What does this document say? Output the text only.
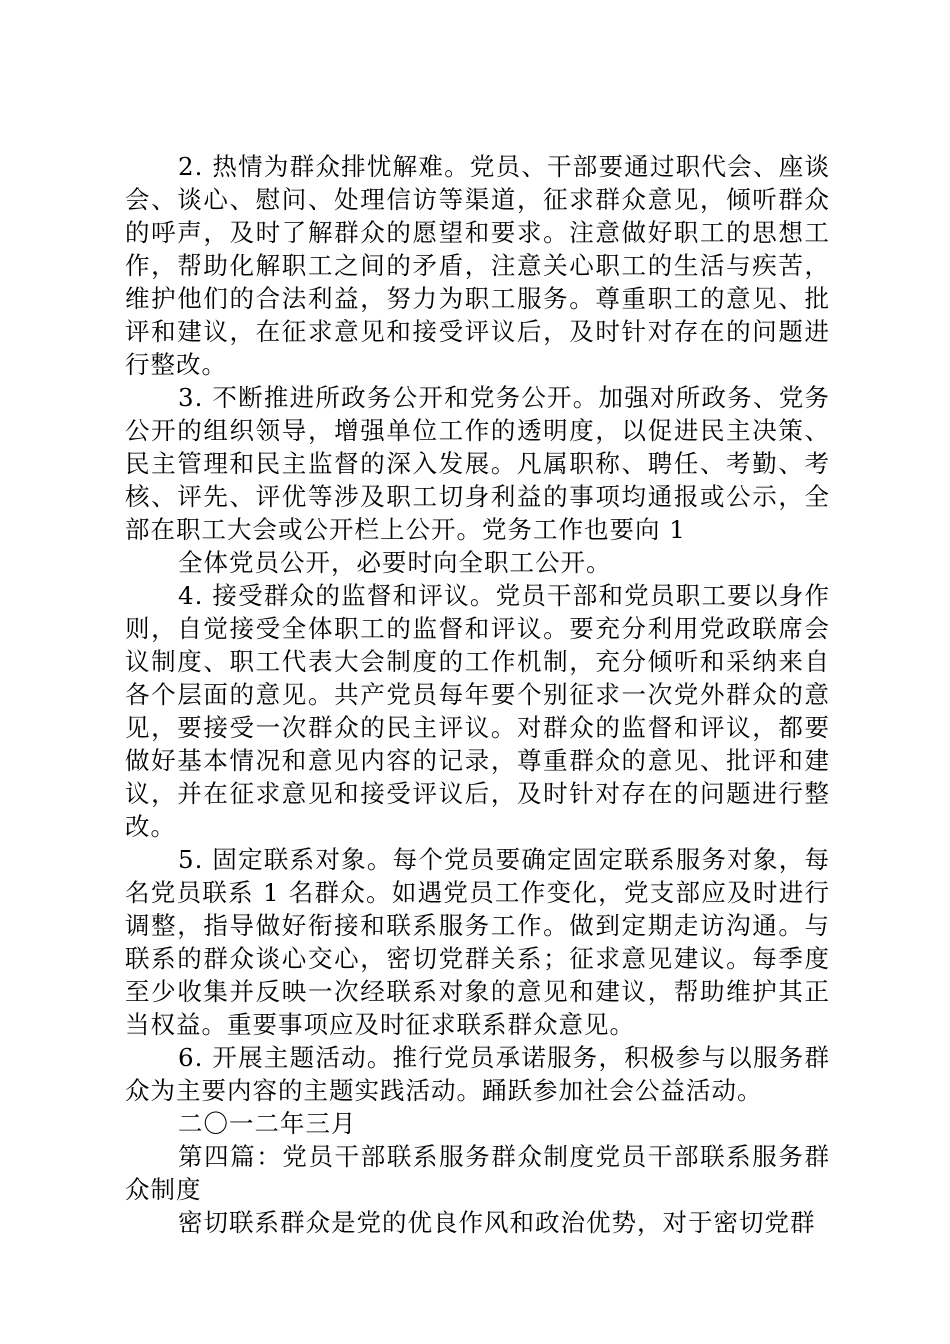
2. 热情为群众排忧解难。党员、干部要通过职代会、座谈会、谈心、慰问、处理信访等渠道，征求群众意见，倾听群众的呼声，及时了解群众的愿望和要求。注意做好职工的思想工作，帮助化解职工之间的矛盾，注意关心职工的生活与疾苦，维护他们的合法利益，努力为职工服务。尊重职工的意见、批评和建议，在征求意见和接受评议后，及时针对存在的问题进行整改。

3. 不断推进所政务公开和党务公开。加强对所政务、党务公开的组织领导，增强单位工作的透明度，以促进民主决策、民主管理和民主监督的深入发展。凡属职称、聘任、考勤、考核、评先、评优等涉及职工切身利益的事项均通报或公示，全部在职工大会或公开栏上公开。党务工作也要向 1

全体党员公开，必要时向全职工公开。

4. 接受群众的监督和评议。党员干部和党员职工要以身作则，自觉接受全体职工的监督和评议。要充分利用党政联席会议制度、职工代表大会制度的工作机制，充分倾听和采纳来自各个层面的意见。共产党员每年要个别征求一次党外群众的意见，要接受一次群众的民主评议。对群众的监督和评议，都要做好基本情况和意见内容的记录，尊重群众的意见、批评和建议，并在征求意见和接受评议后，及时针对存在的问题进行整改。

5. 固定联系对象。每个党员要确定固定联系服务对象，每名党员联系 1 名群众。如遇党员工作变化，党支部应及时进行调整，指导做好衔接和联系服务工作。做到定期走访沟通。与联系的群众谈心交心，密切党群关系；征求意见建议。每季度至少收集并反映一次经联系对象的意见和建议，帮助维护其正当权益。重要事项应及时征求联系群众意见。

6. 开展主题活动。推行党员承诺服务，积极参与以服务群众为主要内容的主题实践活动。踊跃参加社会公益活动。

二〇一二年三月

第四篇：党员干部联系服务群众制度党员干部联系服务群众制度

密切联系群众是党的优良作风和政治优势，对于密切党群
